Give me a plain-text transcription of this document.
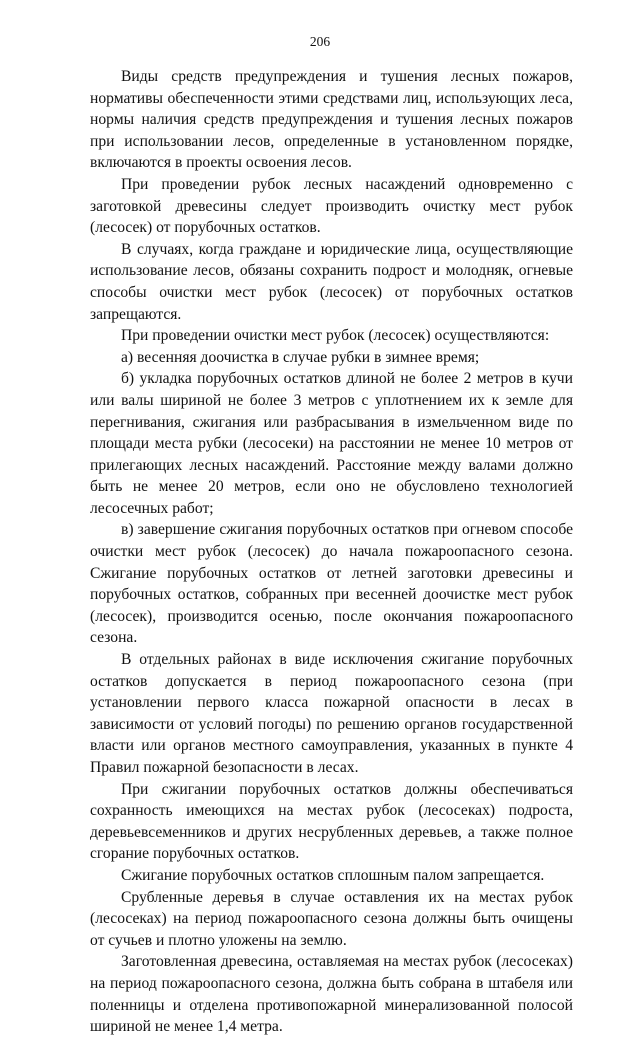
206

Виды средств предупреждения и тушения лесных пожаров, нормативы обеспеченности этими средствами лиц, использующих леса, нормы наличия средств предупреждения и тушения лесных пожаров при использовании лесов, определенные в установленном порядке, включаются в проекты освоения лесов.

При проведении рубок лесных насаждений одновременно с заготовкой древесины следует производить очистку мест рубок (лесосек) от порубочных остатков.

В случаях, когда граждане и юридические лица, осуществляющие использование лесов, обязаны сохранить подрост и молодняк, огневые способы очистки мест рубок (лесосек) от порубочных остатков запрещаются.

При проведении очистки мест рубок (лесосек) осуществляются:

а) весенняя доочистка в случае рубки в зимнее время;

б) укладка порубочных остатков длиной не более 2 метров в кучи или валы шириной не более 3 метров с уплотнением их к земле для перегнивания, сжигания или разбрасывания в измельченном виде по площади места рубки (лесосеки) на расстоянии не менее 10 метров от прилегающих лесных насаждений. Расстояние между валами должно быть не менее 20 метров, если оно не обусловлено технологией лесосечных работ;

в) завершение сжигания порубочных остатков при огневом способе очистки мест рубок (лесосек) до начала пожароопасного сезона. Сжигание порубочных остатков от летней заготовки древесины и порубочных остатков, собранных при весенней доочистке мест рубок (лесосек), производится осенью, после окончания пожароопасного сезона.

В отдельных районах в виде исключения сжигание порубочных остатков допускается в период пожароопасного сезона (при установлении первого класса пожарной опасности в лесах в зависимости от условий погоды) по решению органов государственной власти или органов местного самоуправления, указанных в пункте 4 Правил пожарной безопасности в лесах.

При сжигании порубочных остатков должны обеспечиваться сохранность имеющихся на местах рубок (лесосеках) подроста, деревьевсеменников и других несрубленных деревьев, а также полное сгорание порубочных остатков.

Сжигание порубочных остатков сплошным палом запрещается.

Срубленные деревья в случае оставления их на местах рубок (лесосеках) на период пожароопасного сезона должны быть очищены от сучьев и плотно уложены на землю.

Заготовленная древесина, оставляемая на местах рубок (лесосеках) на период пожароопасного сезона, должна быть собрана в штабеля или поленницы и отделена противопожарной минерализованной полосой шириной не менее 1,4 метра.
